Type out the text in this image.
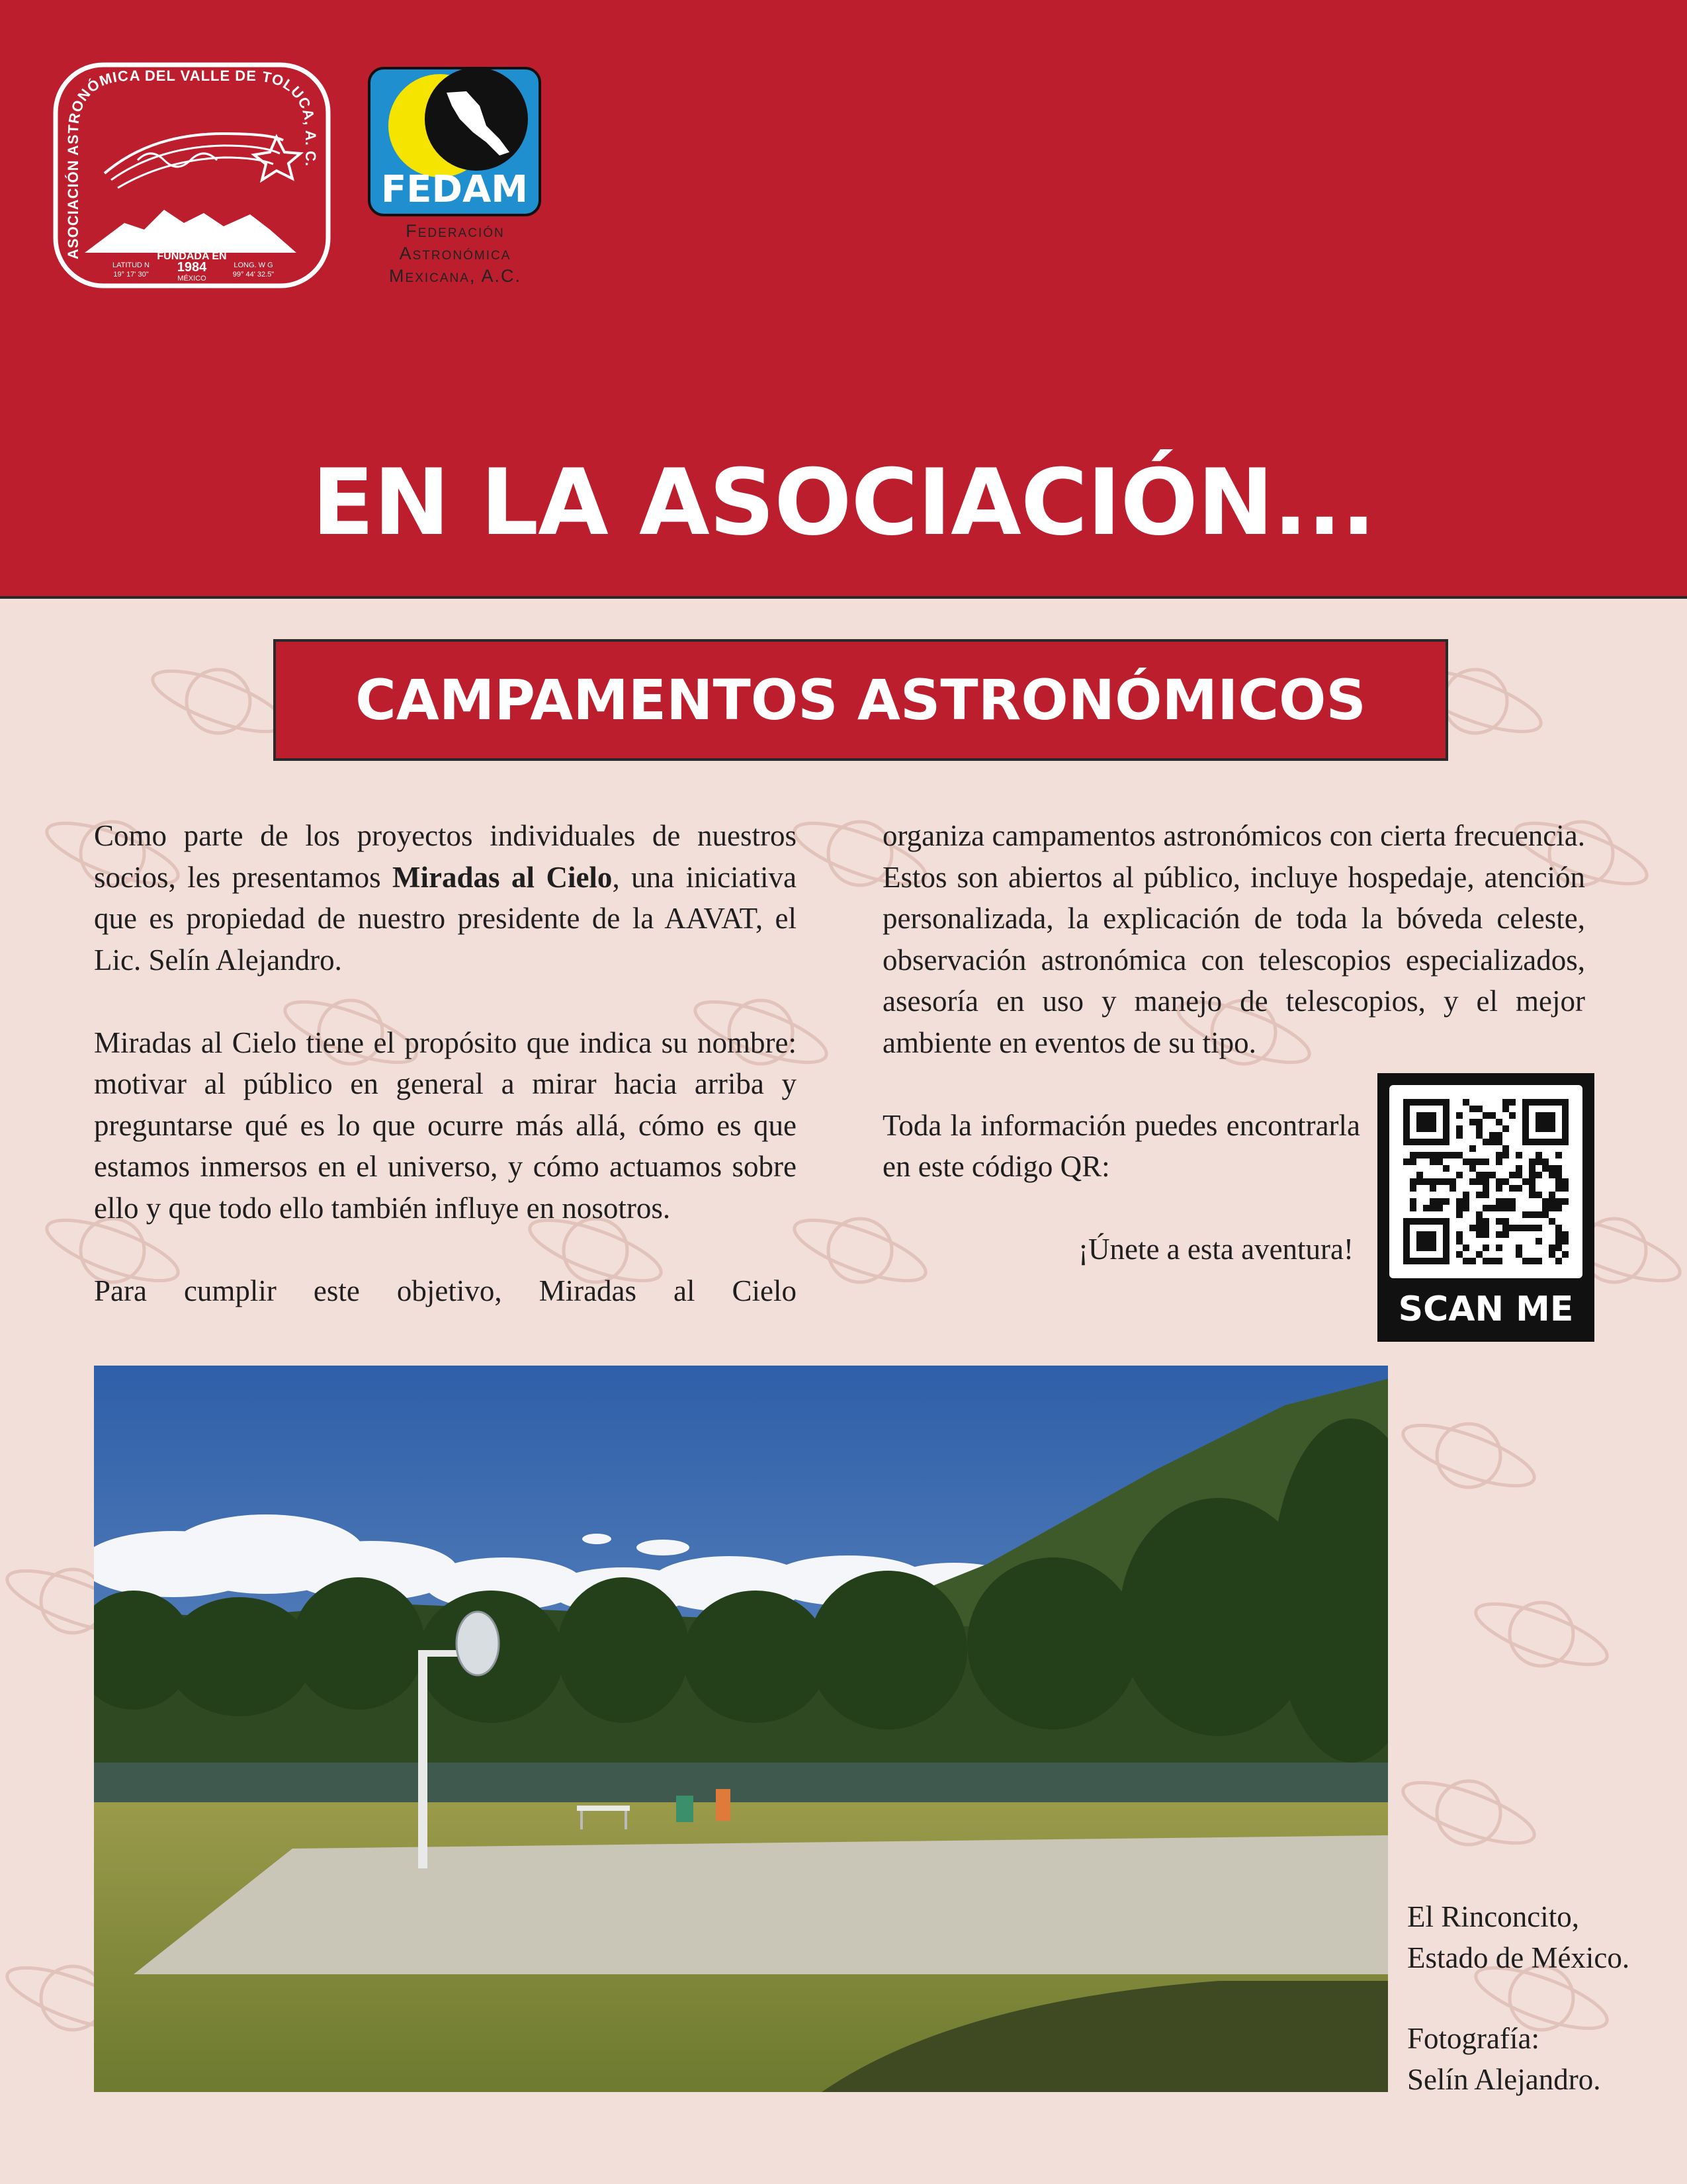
ASOCIACIÓN ASTRONÓMICA DEL VALLE DE TOLUCA, A. C.
FUNDADA EN
1984
MÉXICO
LATITUD N
19° 17' 30"
LONG. W G
99° 44' 32.5"
FEDAM
Federación
Astronómica
Mexicana, A.C.
EN LA ASOCIACIÓN...
CAMPAMENTOS ASTRONÓMICOS

Como parte de los proyectos individuales de nuestros socios, les presentamos Miradas al Cielo, una iniciativa que es propiedad de nuestro presidente de la AAVAT, el Lic. Selín Alejandro.

Miradas al Cielo tiene el propósito que indica su nombre: motivar al público en general a mirar hacia arriba y preguntarse qué es lo que ocurre más allá, cómo es que estamos inmersos en el universo, y cómo actuamos sobre ello y que todo ello también influye en nosotros.

Para cumplir este objetivo, Miradas al Cielo

organiza campamentos astronómicos con cierta frecuencia. Estos son abiertos al público, incluye hospedaje, atención personalizada, la explicación de toda la bóveda celeste, observación astronómica con telescopios especializados, asesoría en uso y manejo de telescopios, y el mejor ambiente en eventos de su tipo.

Toda la información puedes encontrarla en este código QR:

¡Únete a esta aventura!

SCAN ME
El Rinconcito,
Estado de México.
Fotografía:
Selín Alejandro.
